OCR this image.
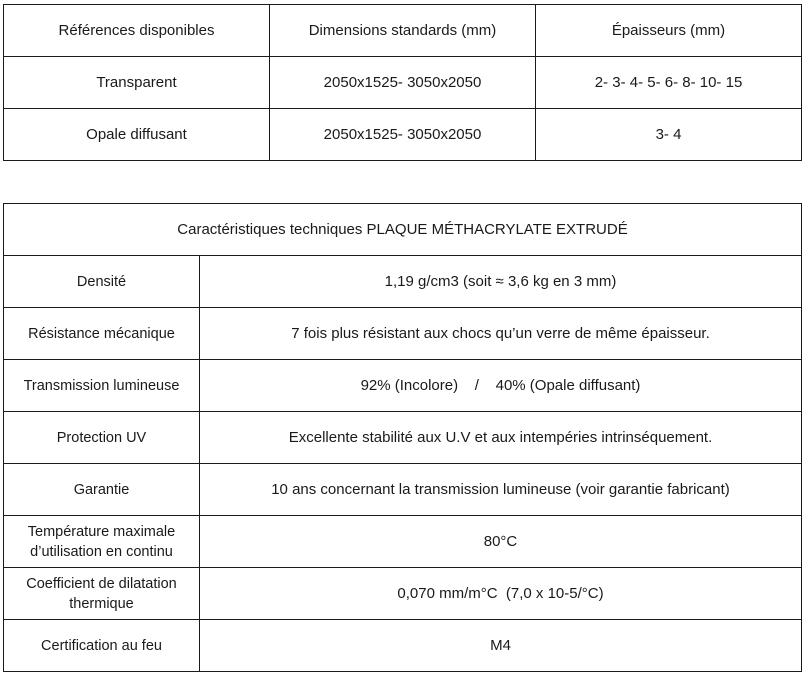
Références disponibles	Dimensions standards (mm)	Épaisseurs (mm)
Transparent	2050x1525- 3050x2050	2- 3- 4- 5- 6- 8- 10- 15
Opale diffusant	2050x1525- 3050x2050	3- 4
Caractéristiques techniques PLAQUE MÉTHACRYLATE EXTRUDÉ	
Densité	1,19 g/cm3 (soit ≈ 3,6 kg en 3 mm)
Résistance mécanique	7 fois plus résistant aux chocs qu’un verre de même épaisseur.
Transmission lumineuse	92% (Incolore)    /    40% (Opale diffusant)
Protection UV	Excellente stabilité aux U.V et aux intempéries intrinséquement.
Garantie	10 ans concernant la transmission lumineuse (voir garantie fabricant)
Température maximale d’utilisation en continu	80°C
Coefficient de dilatation thermique	0,070 mm/m°C  (7,0 x 10-5/°C)
Certification au feu	M4
